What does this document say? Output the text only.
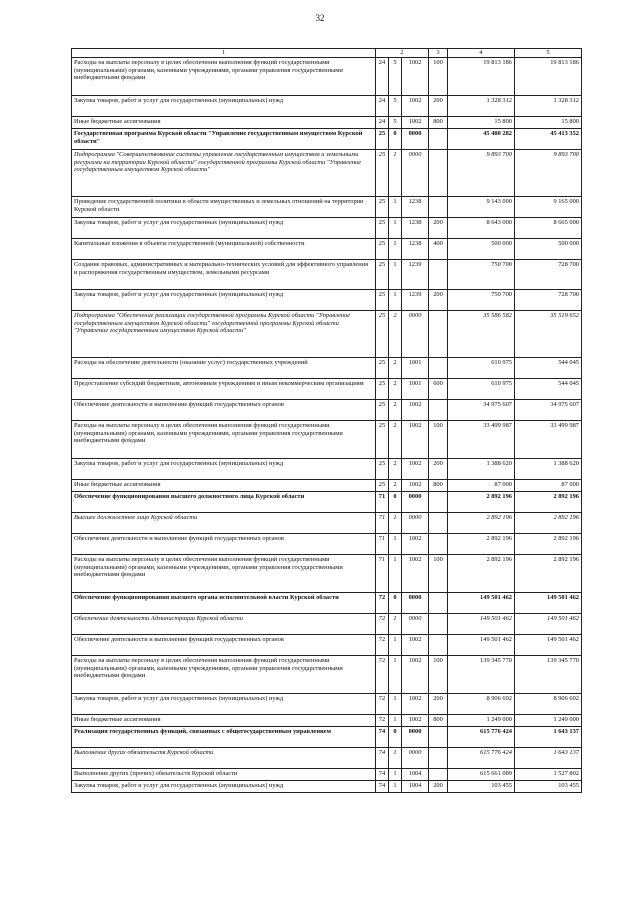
32
1	2			3	4	5
Расходы на выплаты персоналу в целях обеспечения выполнения функций государственными (муниципальными) органами, казенными учреждениями, органами управления государственными внебюджетными фондами	24	5	1002	100	19 813 186	19 813 186
Закупка товаров, работ и услуг для государственных (муниципальных) нужд	24	5	1002	200	1 328 312	1 328 312
Иные бюджетные ассигнования	24	5	1002	800	15 800	15 800
Государственная программа Курской области "Управление государственным имуществом Курской области"	25	0	0000		45 480 282	45 413 352
Подпрограмма "Совершенствование системы управления государственным имуществом и земельными ресурсами на территории Курской области" государственной программы Курской области "Управление государственным имуществом Курской области"	25	1	0000		9 893 700	9 893 700
Проведение государственной политики в области имущественных и земельных отношений на территории Курской области	25	1	1238		9 143 000	9 165 000
Закупка товаров, работ и услуг для государственных (муниципальных) нужд	25	1	1238	200	8 643 000	8 665 000
Капитальные вложения в объекты государственной (муниципальной) собственности	25	1	1238	400	500 000	500 000
Создание правовых, административных и материально-технических условий для эффективного управления и распоряжения государственным имуществом, земельными ресурсами	25	1	1239		750 700	728 700
Закупка товаров, работ и услуг для государственных (муниципальных) нужд	25	1	1239	200	750 700	728 700
Подпрограмма "Обеспечение реализации государственной программы Курской области "Управление государственным имуществом Курской области" государственной программы Курской области "Управление государственным имуществом Курской области"	25	2	0000		35 586 582	35 519 652
Расходы на обеспечение деятельности (оказание услуг) государственных учреждений	25	2	1001		610 975	544 045
Предоставление субсидий бюджетным, автономным учреждениям и иным некоммерческим организациям	25	2	1001	600	610 975	544 045
Обеспечение деятельности и выполнение функций государственных органов	25	2	1002		34 975 607	34 975 607
Расходы на выплаты персоналу в целях обеспечения выполнения функций государственными (муниципальными) органами, казенными учреждениями, органами управления государственными внебюджетными фондами	25	2	1002	100	33 499 987	33 499 987
Закупка товаров, работ и услуг для государственных (муниципальных) нужд	25	2	1002	200	1 388 620	1 388 620
Иные бюджетные ассигнования	25	2	1002	800	87 000	87 000
Обеспечение функционирования высшего должностного лица Курской области	71	0	0000		2 892 196	2 892 196
Высшее должностное лицо Курской области	71	1	0000		2 892 196	2 892 196
Обеспечение деятельности и выполнение функций государственных органов	71	1	1002		2 892 196	2 892 196
Расходы на выплаты персоналу в целях обеспечения выполнения функций государственными (муниципальными) органами, казенными учреждениями, органами управления государственными внебюджетными фондами	71	1	1002	100	2 892 196	2 892 196
Обеспечение функционирования высшего органа исполнительной власти Курской области	72	0	0000		149 501 462	149 501 462
Обеспечение деятельности Администрации Курской области	72	1	0000		149 501 462	149 501 462
Обеспечение деятельности и выполнение функций государственных органов	72	1	1002		149 501 462	149 501 462
Расходы на выплаты персоналу в целях обеспечения выполнения функций государственными (муниципальными) органами, казенными учреждениями, органами управления государственными внебюджетными фондами	72	1	1002	100	139 345 770	139 345 770
Закупка товаров, работ и услуг для государственных (муниципальных) нужд	72	1	1002	200	8 906 692	8 906 692
Иные бюджетные ассигнования	72	1	1002	800	1 249 000	1 249 000
Реализация государственных функций, связанных с общегосударственным управлением	74	0	0000		615 776 424	1 643 137
Выполнение других обязательств Курской области	74	1	0000		615 776 424	1 643 137
Выполнение других (прочих) обязательств Курской области	74	1	1004		615 661 089	1 527 802
Закупка товаров, работ и услуг для государственных (муниципальных) нужд	74	1	1004	200	103 455	103 455
